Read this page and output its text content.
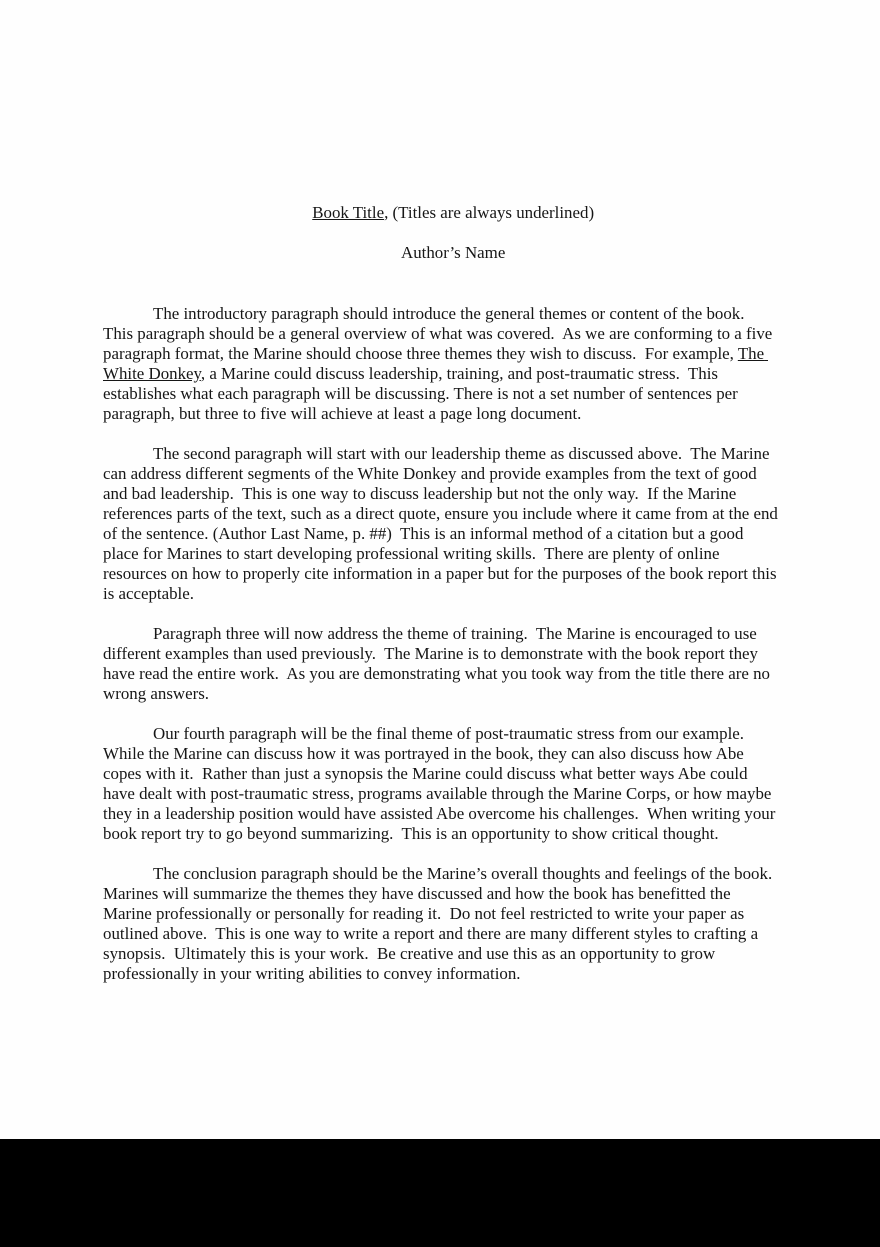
Book Title, (Titles are always underlined)

Author’s Name

The introductory paragraph should introduce the general themes or content of the book.  This paragraph should be a general overview of what was covered.  As we are conforming to a five paragraph format, the Marine should choose three themes they wish to discuss.  For example, The White Donkey, a Marine could discuss leadership, training, and post-traumatic stress.  This establishes what each paragraph will be discussing. There is not a set number of sentences per paragraph, but three to five will achieve at least a page long document.

The second paragraph will start with our leadership theme as discussed above.  The Marine can address different segments of the White Donkey and provide examples from the text of good and bad leadership.  This is one way to discuss leadership but not the only way.  If the Marine references parts of the text, such as a direct quote, ensure you include where it came from at the end of the sentence. (Author Last Name, p. ##)  This is an informal method of a citation but a good place for Marines to start developing professional writing skills.  There are plenty of online resources on how to properly cite information in a paper but for the purposes of the book report this is acceptable.

Paragraph three will now address the theme of training.  The Marine is encouraged to use different examples than used previously.  The Marine is to demonstrate with the book report they have read the entire work.  As you are demonstrating what you took way from the title there are no wrong answers.

Our fourth paragraph will be the final theme of post-traumatic stress from our example.  While the Marine can discuss how it was portrayed in the book, they can also discuss how Abe copes with it.  Rather than just a synopsis the Marine could discuss what better ways Abe could have dealt with post-traumatic stress, programs available through the Marine Corps, or how maybe they in a leadership position would have assisted Abe overcome his challenges.  When writing your book report try to go beyond summarizing.  This is an opportunity to show critical thought.

The conclusion paragraph should be the Marine’s overall thoughts and feelings of the book.  Marines will summarize the themes they have discussed and how the book has benefitted the Marine professionally or personally for reading it.  Do not feel restricted to write your paper as outlined above.  This is one way to write a report and there are many different styles to crafting a synopsis.  Ultimately this is your work.  Be creative and use this as an opportunity to grow professionally in your writing abilities to convey information.
